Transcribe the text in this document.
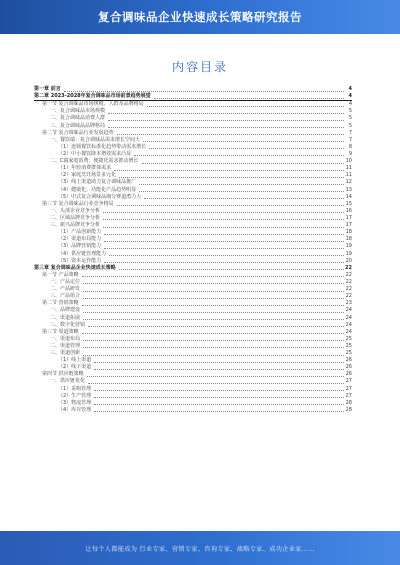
复合调味品企业快速成长策略研究报告
内容目录
第一章 前言	4
第二章 2023-2028年复合调味品市场前景趋势展望	4
第一节 复合调味品市场规模、人群及品牌格局	4
一、复合调味品市场规模	5
二、复合调味品消费人群	5
三、复合调味品品牌格局	5
第二节 复合调味品行业发展趋势	7
一、餐饮端：复合调味品需求增长空间大	7
（1）连锁餐饮标准化趋势带动需求增长	8
（2）中小餐饮降本增效需求凸显	9
二、C端家庭消费：便捷化需求推动增长	10
（1）年轻消费群体需求	11
（2）家庭烹饪场景多元化	11
（3）线上渠道助力复合调味品推广	12
（4）健康化、功能化产品趋势明显	13
（5）中式复合调味品细分赛道潜力大	14
第三节 复合调味品行业竞争格局	15
一、头部企业竞争分析	16
二、区域品牌竞争分析	17
三、新兴品牌竞争分析	17
（1）产品创新能力	18
（2）渠道布局能力	18
（3）品牌营销能力	19
（4）供应链管理能力	19
（5）资本运作能力	20
第三章 复合调味品企业快速成长策略	22
第一节 产品策略	22
一、产品定位	22
二、产品研发	22
三、产品组合	22
第二节 营销策略	23
一、品牌建设	24
二、渠道拓展	24
三、数字化营销	24
第三节 渠道策略	24
一、渠道布局	25
二、渠道管理	25
三、渠道创新	25
（1）线上渠道	26
（2）线下渠道	26
第四节 供应链策略	26
一、供应链优化	27
（1）采购管理	27
（2）生产管理	27
（3）物流管理	28
（4）库存管理	28
让每个人都能成为 行业专家、营销专家、咨询专家、战略专家、成功企业家……
